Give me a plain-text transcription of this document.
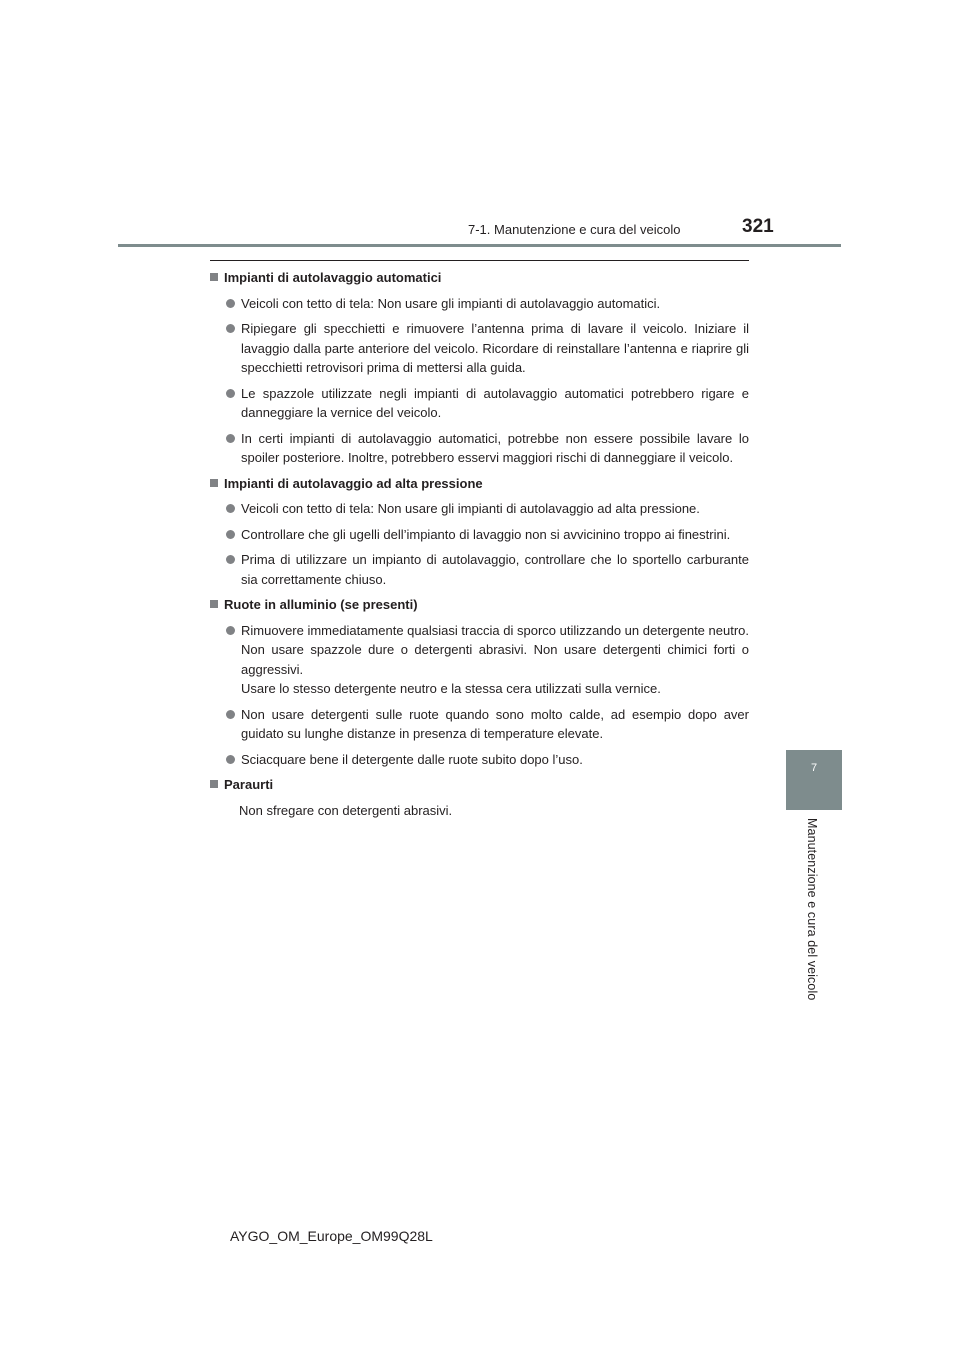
7-1. Manutenzione e cura del veicolo	321
Impianti di autolavaggio automatici
Veicoli con tetto di tela: Non usare gli impianti di autolavaggio automatici.
Ripiegare gli specchietti e rimuovere l’antenna prima di lavare il veicolo. Iniziare il lavaggio dalla parte anteriore del veicolo. Ricordare di reinstallare l’antenna e riaprire gli specchietti retrovisori prima di mettersi alla guida.
Le spazzole utilizzate negli impianti di autolavaggio automatici potrebbero rigare e danneggiare la vernice del veicolo.
In certi impianti di autolavaggio automatici, potrebbe non essere possibile lavare lo spoiler posteriore. Inoltre, potrebbero esservi maggiori rischi di danneggiare il veicolo.
Impianti di autolavaggio ad alta pressione
Veicoli con tetto di tela: Non usare gli impianti di autolavaggio ad alta pressione.
Controllare che gli ugelli dell’impianto di lavaggio non si avvicinino troppo ai finestrini.
Prima di utilizzare un impianto di autolavaggio, controllare che lo sportello carburante sia correttamente chiuso.
Ruote in alluminio (se presenti)
Rimuovere immediatamente qualsiasi traccia di sporco utilizzando un detergente neutro. Non usare spazzole dure o detergenti abrasivi. Non usare detergenti chimici forti o aggressivi.
Usare lo stesso detergente neutro e la stessa cera utilizzati sulla vernice.
Non usare detergenti sulle ruote quando sono molto calde, ad esempio dopo aver guidato su lunghe distanze in presenza di temperature elevate.
Sciacquare bene il detergente dalle ruote subito dopo l’uso.
Paraurti
Non sfregare con detergenti abrasivi.
7
Manutenzione e cura del veicolo
AYGO_OM_Europe_OM99Q28L
